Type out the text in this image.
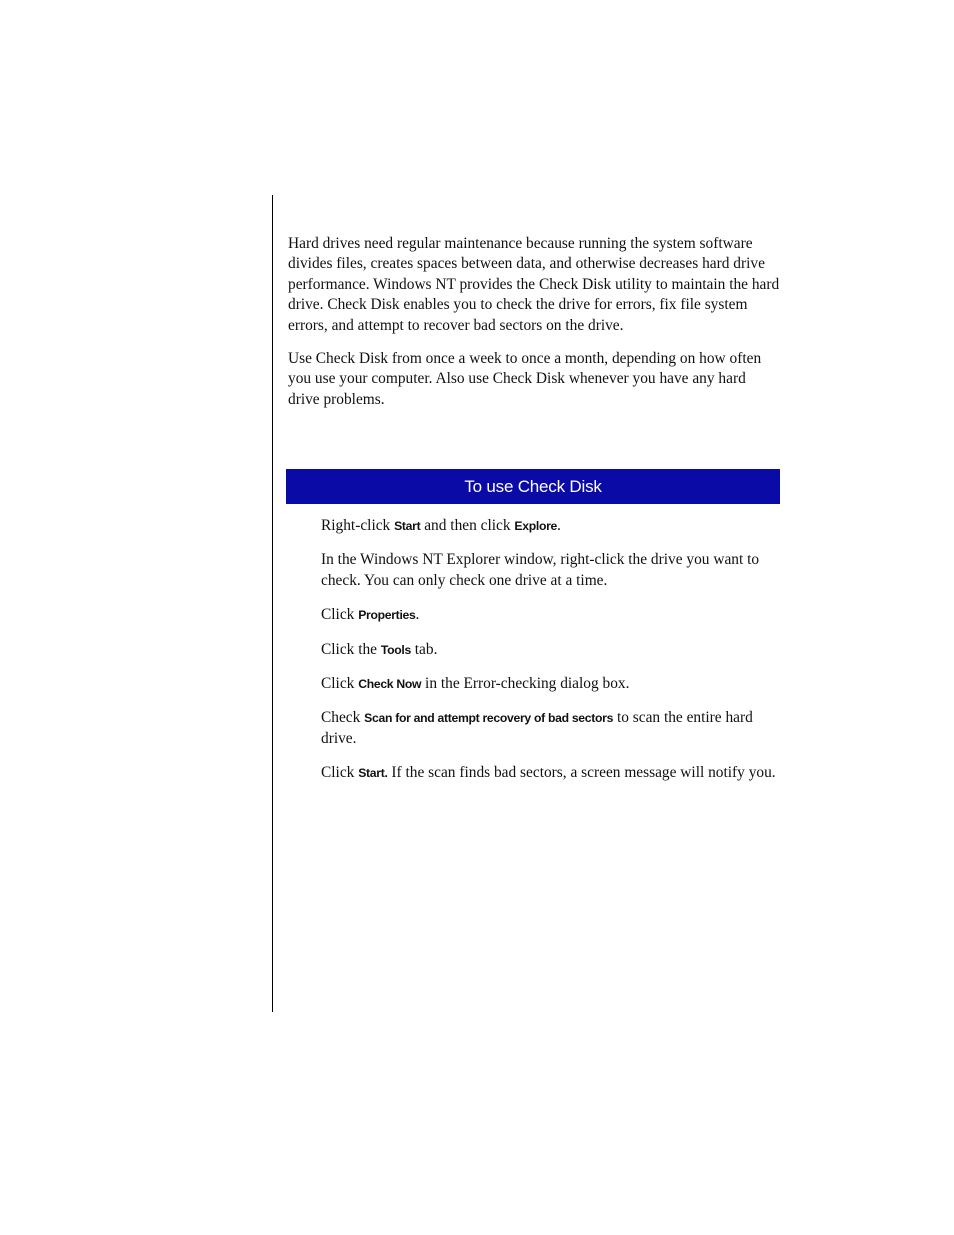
Hard drives need regular maintenance because running the system software divides files, creates spaces between data, and otherwise decreases hard drive performance. Windows NT provides the Check Disk utility to maintain the hard drive. Check Disk enables you to check the drive for errors, fix file system errors, and attempt to recover bad sectors on the drive.

Use Check Disk from once a week to once a month, depending on how often you use your computer. Also use Check Disk whenever you have any hard drive problems.

To use Check Disk
Right-click Start and then click Explore.
In the Windows NT Explorer window, right-click the drive you want to check. You can only check one drive at a time.
Click Properties.
Click the Tools tab.
Click Check Now in the Error-checking dialog box.
Check Scan for and attempt recovery of bad sectors to scan the entire hard drive.
Click Start. If the scan finds bad sectors, a screen message will notify you.
